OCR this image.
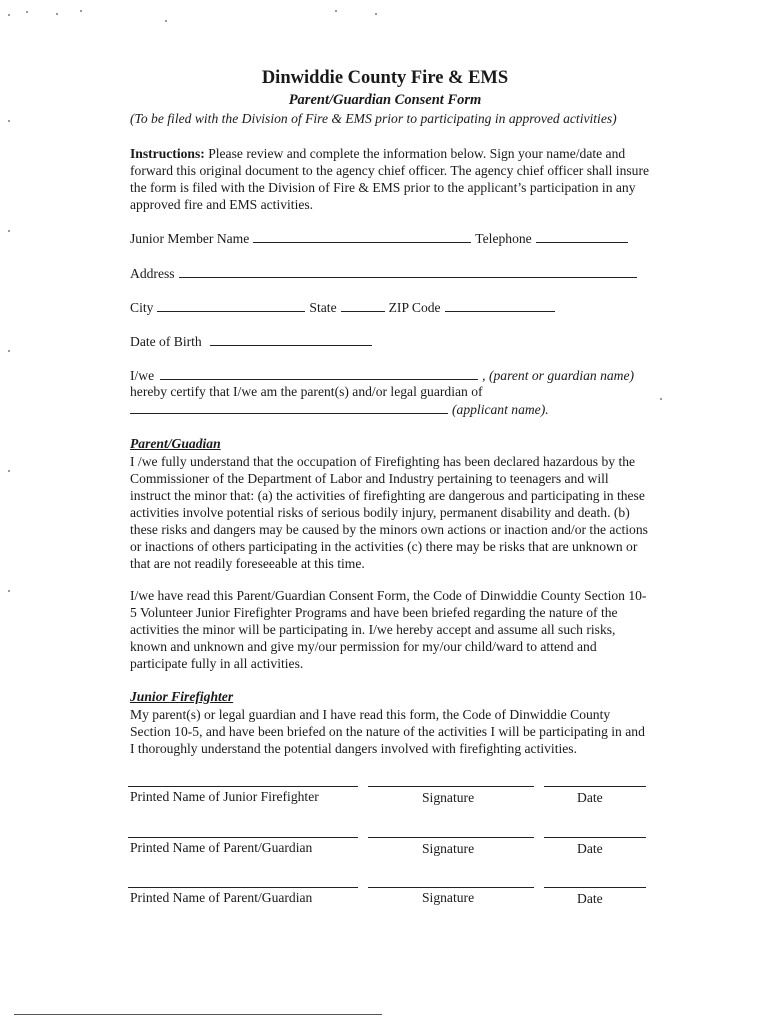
Dinwiddie County Fire & EMS
Parent/Guardian Consent Form
(To be filed with the Division of Fire & EMS prior to participating in approved activities)
Instructions: Please review and complete the information below. Sign your name/date and forward this original document to the agency chief officer. The agency chief officer shall insure the form is filed with the Division of Fire & EMS prior to the applicant’s participation in any approved fire and EMS activities.
Junior Member Name	Telephone
Address
City	State	ZIP Code
Date of Birth
I/we	, (parent or guardian name)
hereby certify that I/we am the parent(s) and/or legal guardian of
(applicant name).
Parent/Guadian
I /we fully understand that the occupation of Firefighting has been declared hazardous by the Commissioner of the Department of Labor and Industry pertaining to teenagers and will instruct the minor that: (a) the activities of firefighting are dangerous and participating in these activities involve potential risks of serious bodily injury, permanent disability and death. (b) these risks and dangers may be caused by the minors own actions or inaction and/or the actions or inactions of others participating in the activities (c) there may be risks that are unknown or that are not readily foreseeable at this time.
I/we have read this Parent/Guardian Consent Form, the Code of Dinwiddie County Section 10-5 Volunteer Junior Firefighter Programs and have been briefed regarding the nature of the activities the minor will be participating in. I/we hereby accept and assume all such risks, known and unknown and give my/our permission for my/our child/ward to attend and participate fully in all activities.
Junior Firefighter
My parent(s) or legal guardian and I have read this form, the Code of Dinwiddie County Section 10-5, and have been briefed on the nature of the activities I will be participating in and I thoroughly understand the potential dangers involved with firefighting activities.
Printed Name of Junior Firefighter	Signature	Date
Printed Name of Parent/Guardian	Signature	Date
Printed Name of Parent/Guardian	Signature	Date
